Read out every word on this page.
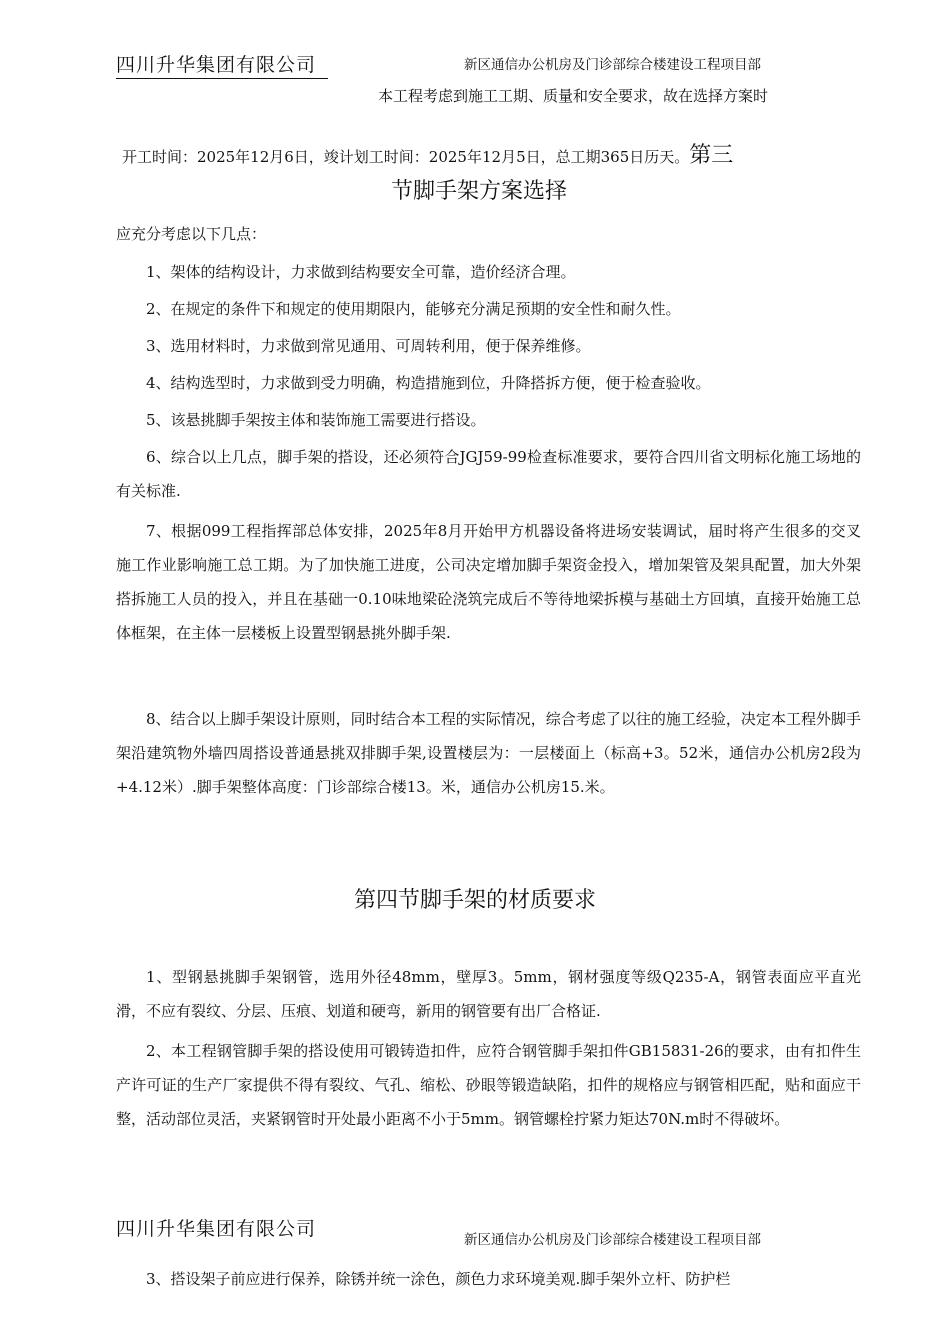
四川升华集团有限公司	新区通信办公机房及门诊部综合楼建设工程项目部
本工程考虑到施工工期、质量和安全要求，故在选择方案时
开工时间：2025年12月6日，竣计划工时间：2025年12月5日，总工期365日历天。第三
节脚手架方案选择
应充分考虑以下几点：
1、架体的结构设计，力求做到结构要安全可靠，造价经济合理。
2、在规定的条件下和规定的使用期限内，能够充分满足预期的安全性和耐久性。
3、选用材料时，力求做到常见通用、可周转利用，便于保养维修。
4、结构选型时，力求做到受力明确，构造措施到位，升降搭拆方便，便于检查验收。
5、该悬挑脚手架按主体和装饰施工需要进行搭设。
6、综合以上几点，脚手架的搭设，还必须符合JGJ59-99检查标准要求，要符合四川省文明标化施工场地的有关标准.
7、根据099工程指挥部总体安排，2025年8月开始甲方机器设备将进场安装调试，届时将产生很多的交叉施工作业影响施工总工期。为了加快施工进度，公司决定增加脚手架资金投入，增加架管及架具配置，加大外架搭拆施工人员的投入，并且在基础一0.10味地梁砼浇筑完成后不等待地梁拆模与基础土方回填，直接开始施工总体框架，在主体一层楼板上设置型钢悬挑外脚手架.
8、结合以上脚手架设计原则，同时结合本工程的实际情况，综合考虑了以往的施工经验，决定本工程外脚手架沿建筑物外墙四周搭设普通悬挑双排脚手架,设置楼层为：一层楼面上（标高+3。52米，通信办公机房2段为+4.12米）.脚手架整体高度：门诊部综合楼13。米，通信办公机房15.米。
第四节脚手架的材质要求
1、型钢悬挑脚手架钢管，选用外径48mm，壁厚3。5mm，钢材强度等级Q235-A，钢管表面应平直光滑，不应有裂纹、分层、压痕、划道和硬弯，新用的钢管要有出厂合格证.
2、本工程钢管脚手架的搭设使用可锻铸造扣件，应符合钢管脚手架扣件GB15831-26的要求，由有扣件生产许可证的生产厂家提供不得有裂纹、气孔、缩松、砂眼等锻造缺陷，扣件的规格应与钢管相匹配，贴和面应干整，活动部位灵活，夹紧钢管时开处最小距离不小于5mm。钢管螺栓拧紧力矩达70N.m时不得破坏。
四川升华集团有限公司	新区通信办公机房及门诊部综合楼建设工程项目部
3、搭设架子前应进行保养，除锈并统一涂色，颜色力求环境美观.脚手架外立杆、防护栏
